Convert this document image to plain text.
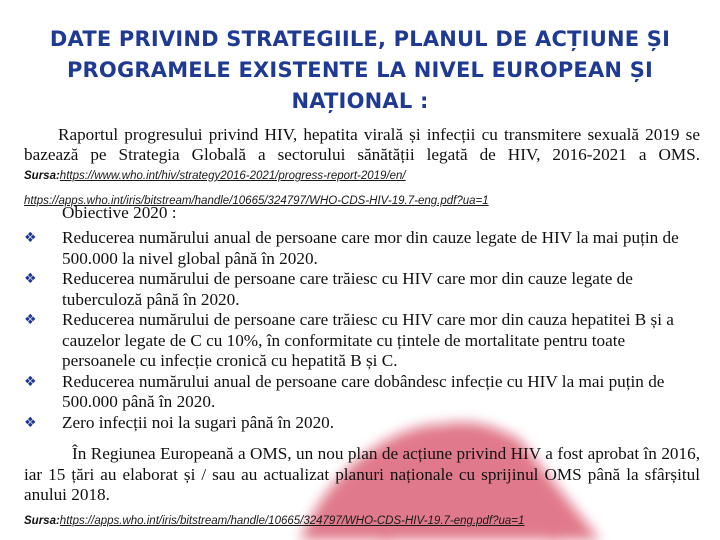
DATE PRIVIND STRATEGIILE, PLANUL DE ACȚIUNE ȘI PROGRAMELE EXISTENTE LA NIVEL EUROPEAN ȘI NAȚIONAL :
Raportul progresului privind HIV, hepatita virală și infecții cu transmitere sexuală 2019 se bazează pe Strategia Globală a sectorului sănătății legată de HIV, 2016-2021 a OMS. Sursa:https://www.who.int/hiv/strategy2016-2021/progress-report-2019/en/
https://apps.who.int/iris/bitstream/handle/10665/324797/WHO-CDS-HIV-19.7-eng.pdf?ua=1
Obiective 2020 :
❖	Reducerea numărului anual de persoane care mor din cauze legate de HIV la mai puțin de 500.000 la nivel global până în 2020.
❖	Reducerea numărului de persoane care trăiesc cu HIV care mor din cauze legate de tuberculoză până în 2020.
❖	Reducerea numărului de persoane care trăiesc cu HIV care mor din cauza hepatitei B și a cauzelor legate de C cu 10%, în conformitate cu țintele de mortalitate pentru toate persoanele cu infecție cronică cu hepatită B și C.
❖	Reducerea numărului anual de persoane care dobândesc infecție cu HIV la mai puțin de 500.000 până în 2020.
❖	Zero infecții noi la sugari până în 2020.
În Regiunea Europeană a OMS, un nou plan de acțiune privind HIV a fost aprobat în 2016, iar 15 țări au elaborat și / sau au actualizat planuri naționale cu sprijinul OMS până la sfârșitul anului 2018.
Sursa:https://apps.who.int/iris/bitstream/handle/10665/324797/WHO-CDS-HIV-19.7-eng.pdf?ua=1
